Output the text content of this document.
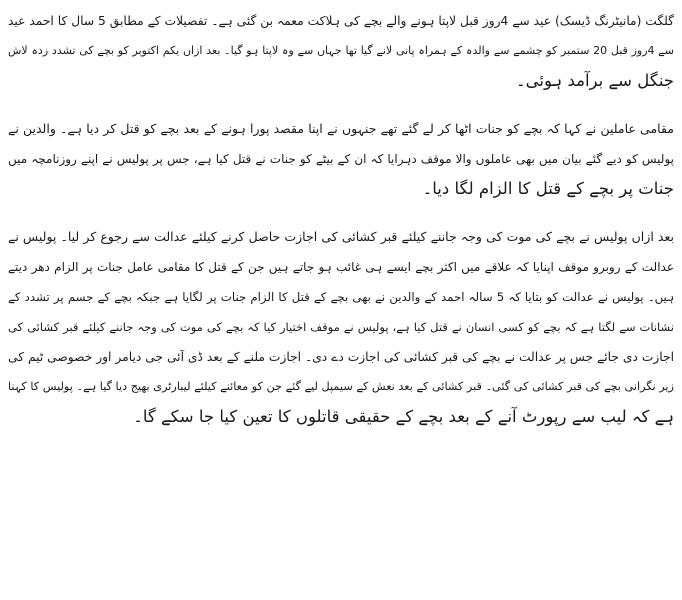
گلگت (مانیٹرنگ ڈیسک) عید سے 4روز قبل لاپتا ہونے والے بچے کی ہلاکت معمہ بن گئی ہے۔ تفصیلات کے مطابق 5 سال کا احمد عید
سے 4روز قبل 20 ستمبر کو چشمے سے والدہ کے ہمراہ پانی لانے گیا تھا جہاں سے وہ لاپتا ہو گیا۔ بعد ازاں یکم اکتوبر کو بچے کی تشدد زدہ لاش
جنگل سے برآمد ہوئی۔
مقامی عاملین نے کہا کہ بچے کو جنات اٹھا کر لے گئے تھے جنہوں نے اپنا مقصد پورا ہونے کے بعد بچے کو قتل کر دیا ہے۔ والدین نے
پولیس کو دیے گئے بیان میں بھی عاملوں والا موقف دہرایا کہ ان کے بیٹے کو جنات نے قتل کیا ہے، جس پر پولیس نے اپنے روزنامچہ میں
جنات پر بچے کے قتل کا الزام لگا دیا۔
بعد ازاں پولیس نے بچے کی موت کی وجہ جاننے کیلئے قبر کشائی کی اجازت حاصل کرنے کیلئے عدالت سے رجوع کر لیا۔ پولیس نے
عدالت کے روبرو موقف اپنایا کہ علاقے میں اکثر بچے ایسے ہی غائب ہو جاتے ہیں جن کے قتل کا مقامی عامل جنات پر الزام دھر دیتے
ہیں۔ پولیس نے عدالت کو بتایا کہ 5 سالہ احمد کے والدین نے بھی بچے کے قتل کا الزام جنات پر لگایا ہے جبکہ بچے کے جسم پر تشدد کے
نشانات سے لگتا ہے کہ بچے کو کسی انسان نے قتل کیا ہے، پولیس نے موقف اختیار کیا کہ بچے کی موت کی وجہ جاننے کیلئے قبر کشائی کی
اجازت دی جائے جس پر عدالت نے بچے کی قبر کشائی کی اجازت دے دی۔ اجازت ملنے کے بعد ڈی آئی جی دیامر اور خصوصی ٹیم کی
زیر نگرانی بچے کی قبر کشائی کی گئی۔ قبر کشائی کے بعد نعش کے سیمپل لیے گئے جن کو معائنے کیلئے لیبارٹری بھیج دیا گیا ہے۔ پولیس کا کہنا
ہے کہ لیب سے رپورٹ آنے کے بعد بچے کے حقیقی قاتلوں کا تعین کیا جا سکے گا۔
